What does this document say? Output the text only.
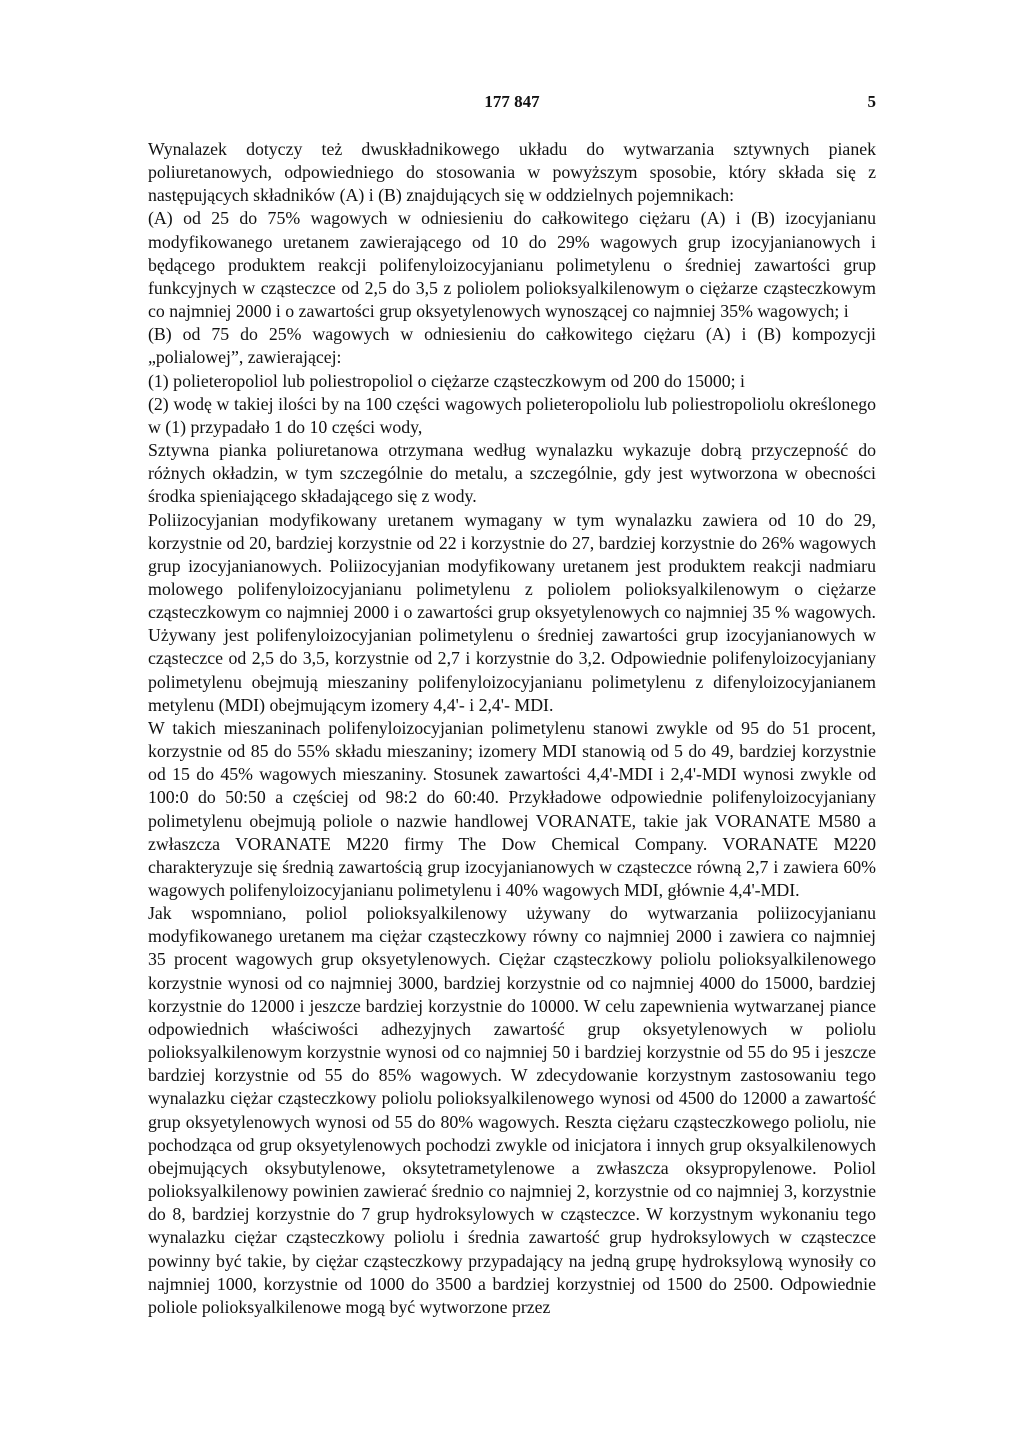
177 847	5

Wynalazek dotyczy też dwuskładnikowego układu do wytwarzania sztywnych pianek poliuretanowych, odpowiedniego do stosowania w powyższym sposobie, który składa się z następujących składników (A) i (B) znajdujących się w oddzielnych pojemnikach:

(A) od 25 do 75% wagowych w odniesieniu do całkowitego ciężaru (A) i (B) izocyjanianu modyfikowanego uretanem zawierającego od 10 do 29% wagowych grup izocyjanianowych i będącego produktem reakcji polifenyloizocyjanianu polimetylenu o średniej zawartości grup funkcyjnych w cząsteczce od 2,5 do 3,5 z poliolem polioksyalkilenowym o ciężarze cząsteczkowym co najmniej 2000 i o zawartości grup oksyetylenowych wynoszącej co najmniej 35% wagowych; i

(B) od 75 do 25% wagowych w odniesieniu do całkowitego ciężaru (A) i (B) kompozycji „polialowej”, zawierającej:

(1) polieteropoliol lub poliestropoliol o ciężarze cząsteczkowym od 200 do 15000; i

(2) wodę w takiej ilości by na 100 części wagowych polieteropoliolu lub poliestropoliolu określonego w (1) przypadało 1 do 10 części wody,

Sztywna pianka poliuretanowa otrzymana według wynalazku wykazuje dobrą przyczepność do różnych okładzin, w tym szczególnie do metalu, a szczególnie, gdy jest wytworzona w obecności środka spieniającego składającego się z wody.

Poliizocyjanian modyfikowany uretanem wymagany w tym wynalazku zawiera od 10 do 29, korzystnie od 20, bardziej korzystnie od 22 i korzystnie do 27, bardziej korzystnie do 26% wagowych grup izocyjanianowych. Poliizocyjanian modyfikowany uretanem jest produktem reakcji nadmiaru molowego polifenyloizocyjanianu polimetylenu z poliolem polioksyalkilenowym o ciężarze cząsteczkowym co najmniej 2000 i o zawartości grup oksyetylenowych co najmniej 35 % wagowych. Używany jest polifenyloizocyjanian polimetylenu o średniej zawartości grup izocyjanianowych w cząsteczce od 2,5 do 3,5, korzystnie od 2,7 i korzystnie do 3,2. Odpowiednie polifenyloizocyjaniany polimetylenu obejmują mieszaniny polifenyloizocyjanianu polimetylenu z difenyloizocyjanianem metylenu (MDI) obejmującym izomery 4,4'- i 2,4'- MDI.

W takich mieszaninach polifenyloizocyjanian polimetylenu stanowi zwykle od 95 do 51 procent, korzystnie od 85 do 55% składu mieszaniny; izomery MDI stanowią od 5 do 49, bardziej korzystnie od 15 do 45% wagowych mieszaniny. Stosunek zawartości 4,4'-MDI i 2,4'-MDI wynosi zwykle od 100:0 do 50:50 a częściej od 98:2 do 60:40. Przykładowe odpowiednie polifenyloizocyjaniany polimetylenu obejmują poliole o nazwie handlowej VORANATE, takie jak VORANATE M580 a zwłaszcza VORANATE M220 firmy The Dow Chemical Company. VORANATE M220 charakteryzuje się średnią zawartością grup izocyjanianowych w cząsteczce równą 2,7 i zawiera 60% wagowych polifenyloizocyjanianu polimetylenu i 40% wagowych MDI, głównie 4,4'-MDI.

Jak wspomniano, poliol polioksyalkilenowy używany do wytwarzania poliizocyjanianu modyfikowanego uretanem ma ciężar cząsteczkowy równy co najmniej 2000 i zawiera co najmniej 35 procent wagowych grup oksyetylenowych. Ciężar cząsteczkowy poliolu polioksyalkilenowego korzystnie wynosi od co najmniej 3000, bardziej korzystnie od co najmniej 4000 do 15000, bardziej korzystnie do 12000 i jeszcze bardziej korzystnie do 10000. W celu zapewnienia wytwarzanej piance odpowiednich właściwości adhezyjnych zawartość grup oksyetylenowych w poliolu polioksyalkilenowym korzystnie wynosi od co najmniej 50 i bardziej korzystnie od 55 do 95 i jeszcze bardziej korzystnie od 55 do 85% wagowych. W zdecydowanie korzystnym zastosowaniu tego wynalazku ciężar cząsteczkowy poliolu polioksyalkilenowego wynosi od 4500 do 12000 a zawartość grup oksyetylenowych wynosi od 55 do 80% wagowych. Reszta ciężaru cząsteczkowego poliolu, nie pochodząca od grup oksyetylenowych pochodzi zwykle od inicjatora i innych grup oksyalkilenowych obejmujących oksybutylenowe, oksytetrametylenowe a zwłaszcza oksypropylenowe. Poliol polioksyalkilenowy powinien zawierać średnio co najmniej 2, korzystnie od co najmniej 3, korzystnie do 8, bardziej korzystnie do 7 grup hydroksylowych w cząsteczce. W korzystnym wykonaniu tego wynalazku ciężar cząsteczkowy poliolu i średnia zawartość grup hydroksylowych w cząsteczce powinny być takie, by ciężar cząsteczkowy przypadający na jedną grupę hydroksylową wynosiły co najmniej 1000, korzystnie od 1000 do 3500 a bardziej korzystniej od 1500 do 2500. Odpowiednie poliole polioksyalkilenowe mogą być wytworzone przez
